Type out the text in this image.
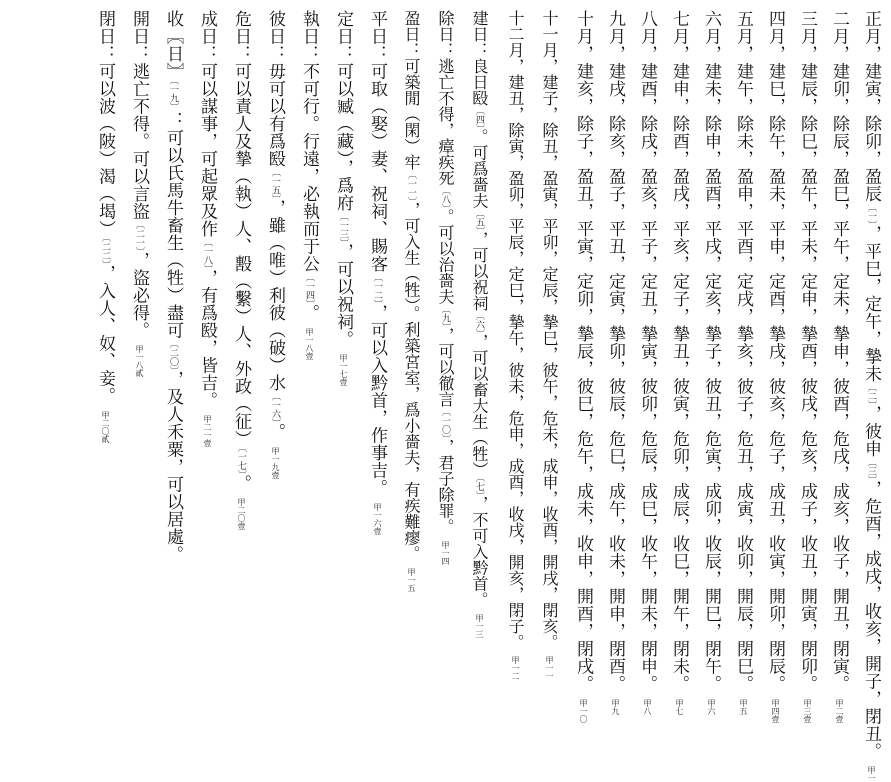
正月，建寅，除卯，盈辰〔一〕，平巳，定午，摯未〔二〕，彼申〔三〕，危酉，成戌，收亥，開子，閉丑。甲一
二月，建卯，除辰，盈巳，平午，定未，摯申，彼酉，危戌，成亥，收子，開丑，閉寅。甲二壹
三月，建辰，除巳，盈午，平未，定申，摯酉，彼戌，危亥，成子，收丑，開寅，閉卯。甲三壹
四月，建巳，除午，盈未，平申，定酉，摯戌，彼亥，危子，成丑，收寅，開卯，閉辰。甲四壹
五月，建午，除未，盈申，平酉，定戌，摯亥，彼子，危丑，成寅，收卯，開辰，閉巳。甲五
六月，建未，除申，盈酉，平戌，定亥，摯子，彼丑，危寅，成卯，收辰，開巳，閉午。甲六
七月，建申，除酉，盈戌，平亥，定子，摯丑，彼寅，危卯，成辰，收巳，開午，閉未。甲七
八月，建酉，除戌，盈亥，平子，定丑，摯寅，彼卯，危辰，成巳，收午，開未，閉申。甲八
九月，建戌，除亥，盈子，平丑，定寅，摯卯，彼辰，危巳，成午，收未，開申，閉酉。甲九
十月，建亥，除子，盈丑，平寅，定卯，摯辰，彼巳，危午，成未，收申，開酉，閉戌。甲一〇
十一月，建子，除丑，盈寅，平卯，定辰，摯巳，彼午，危未，成申，收酉，開戌，閉亥。甲一一
十二月，建丑，除寅，盈卯，平辰，定巳，摯午，彼未，危申，成酉，收戌，開亥，閉子。甲一二
建日：良日殹〔四〕。可爲嗇夫〔五〕，可以祝祠〔六〕，可以畜大生（牲）〔七〕，不可入黔首。甲一三
除日：逃亡不得，瘴疾死〔八〕。可以治嗇夫〔九〕，可以徹言〔一〇〕，君子除罪。甲一四
盈日：可築閒（閑）牢〔一一〕，可入生（牲）。利築宮室，爲小嗇夫，有疾難瘳。甲一五
平日：可取（娶）妻、祝祠、賜客〔一二〕，可以入黔首，作事吉。甲一六壹
定日：可以臧（藏），爲府〔一三〕，可以祝祠。甲一七壹
執日：不可行。行遠，必執而于公〔一四〕。甲一八壹
彼日：毋可以有爲殹〔一五〕，雖（唯）利彼（破）水〔一六〕。甲一九壹
危日：可以責人及摯（執）人、毄（繫）人、外政（征）〔一七〕。甲二〇壹
成日：可以謀事，可起眾及作〔一八〕，有爲殹，皆吉。甲二一壹
收〖日〗〔一九〕：可以氏馬牛畜生（牲）盡可〔二〇〕，及人禾粟，可以居處。
開日：逃亡不得。可以言盜〔二一〕，盜必得。甲一八貳
閉日：可以波（陂）渴（堨）〔二二〕，入人、奴、妾。甲二〇貳
